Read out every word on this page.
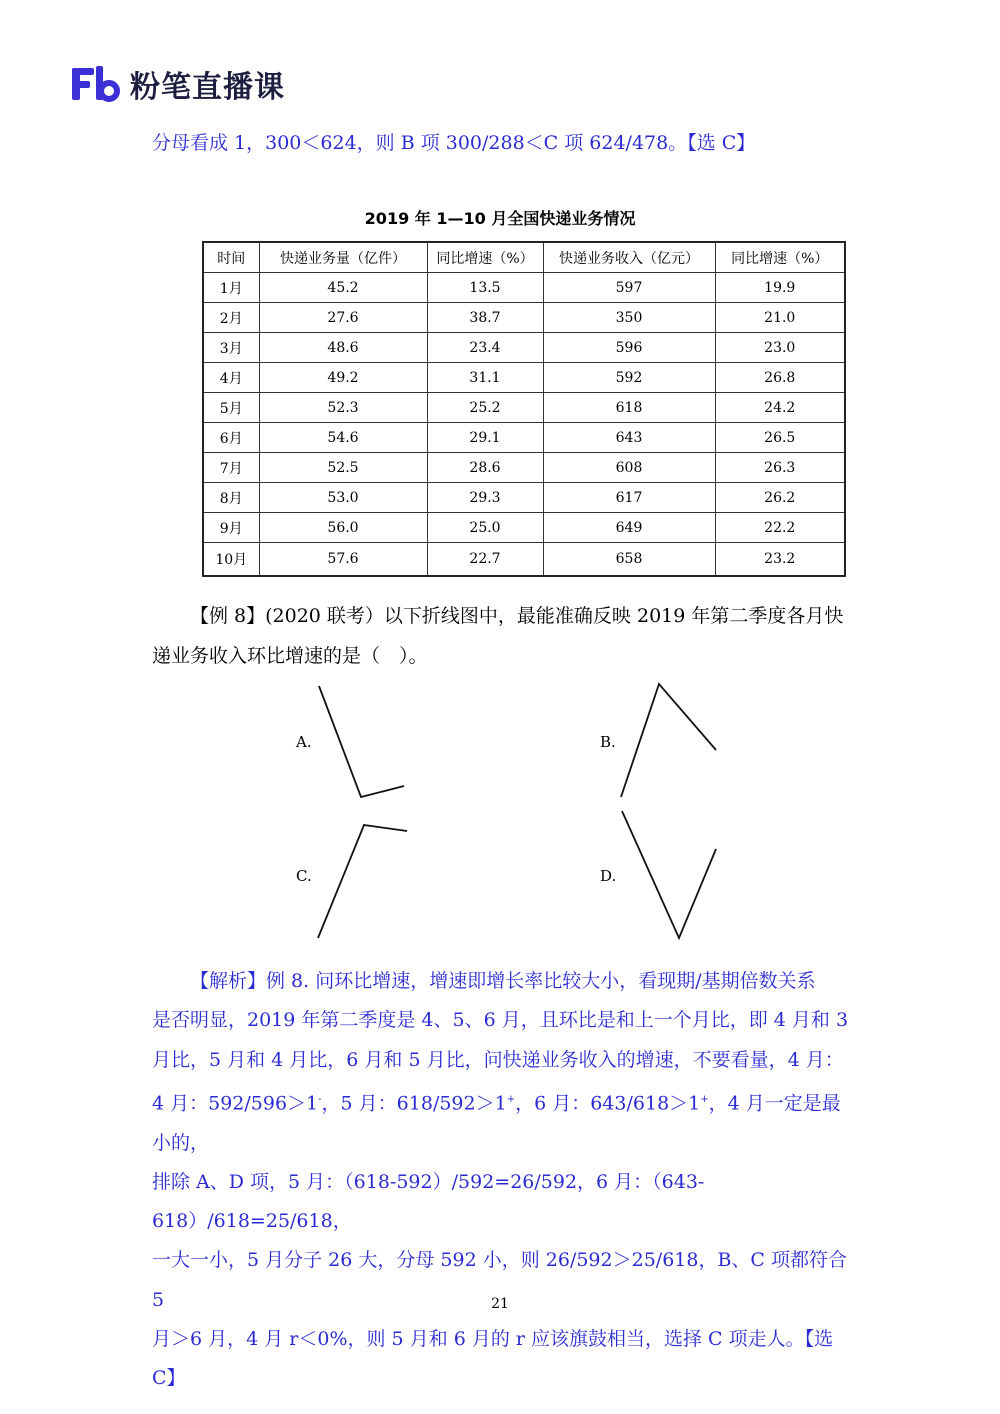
粉笔直播课
分母看成 1，300＜624，则 B 项 300/288＜C 项 624/478。【选 C】
2019 年 1—10 月全国快递业务情况
时间	快递业务量（亿件）	同比增速（%）	快递业务收入（亿元）	同比增速（%）
1月	45.2	13.5	597	19.9
2月	27.6	38.7	350	21.0
3月	48.6	23.4	596	23.0
4月	49.2	31.1	592	26.8
5月	52.3	25.2	618	24.2
6月	54.6	29.1	643	26.5
7月	52.5	28.6	608	26.3
8月	53.0	29.3	617	26.2
9月	56.0	25.0	649	22.2
10月	57.6	22.7	658	23.2
【例 8】(2020 联考）以下折线图中，最能准确反映 2019 年第二季度各月快
递业务收入环比增速的是（　）。
A.	B.
C.	D.
【解析】例 8. 问环比增速，增速即增长率比较大小，看现期/基期倍数关系
是否明显，2019 年第二季度是 4、5、6 月，且环比是和上一个月比，即 4 月和 3
月比，5 月和 4 月比，6 月和 5 月比，问快递业务收入的增速，不要看量，4 月：
4 月：592/596＞1-，5 月：618/592＞1+，6 月：643/618＞1+，4 月一定是最小的，
排除 A、D 项，5 月：（618-592）/592=26/592，6 月：（643-618）/618=25/618，
一大一小，5 月分子 26 大，分母 592 小，则 26/592＞25/618，B、C 项都符合 5
月＞6 月，4 月 r＜0%，则 5 月和 6 月的 r 应该旗鼓相当，选择 C 项走人。【选 C】
21
